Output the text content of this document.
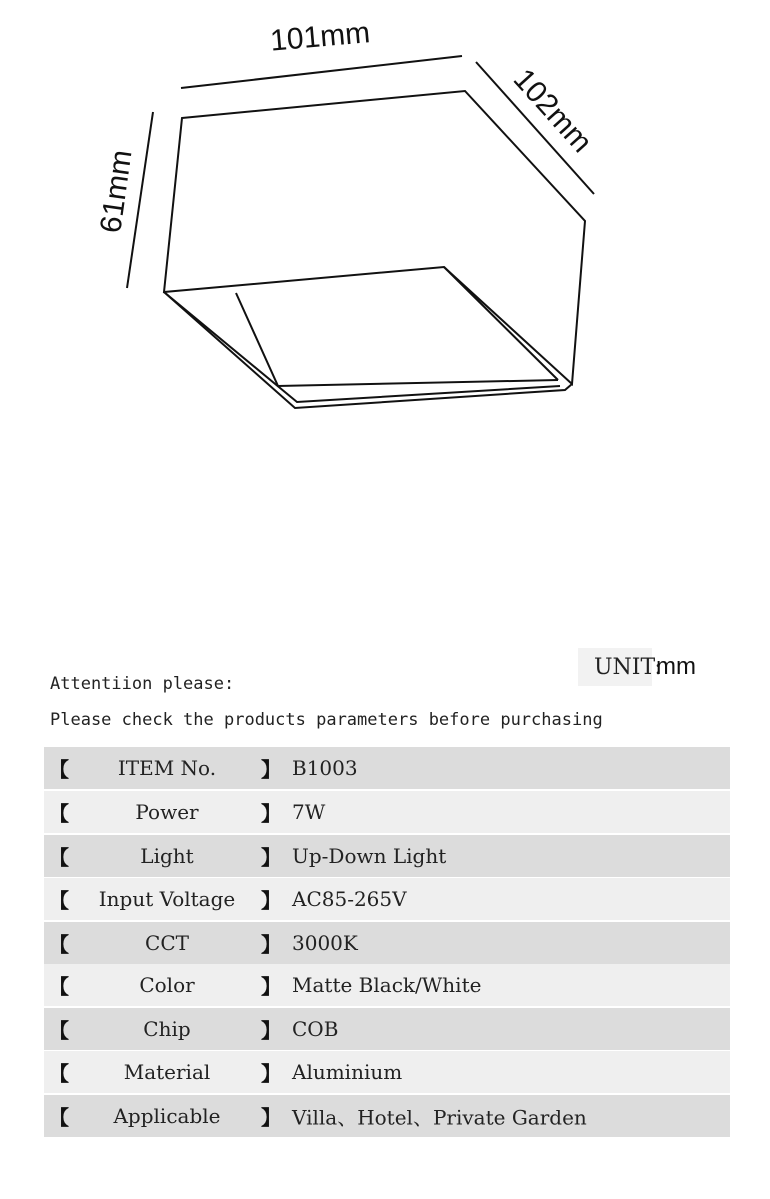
101mm
102mm
61mm
UNIT:
mm
Attentiion please:
Please check the products parameters before purchasing
【	ITEM No.	】 B1003
【	Power	】 7W
【	Light	】 Up-Down Light
【	Input Voltage	】 AC85-265V
【	CCT	】 3000K
【	Color	】 Matte Black/White
【	Chip	】 COB
【	Material	】 Aluminium
【	Applicable	】 Villa、Hotel、Private Garden
